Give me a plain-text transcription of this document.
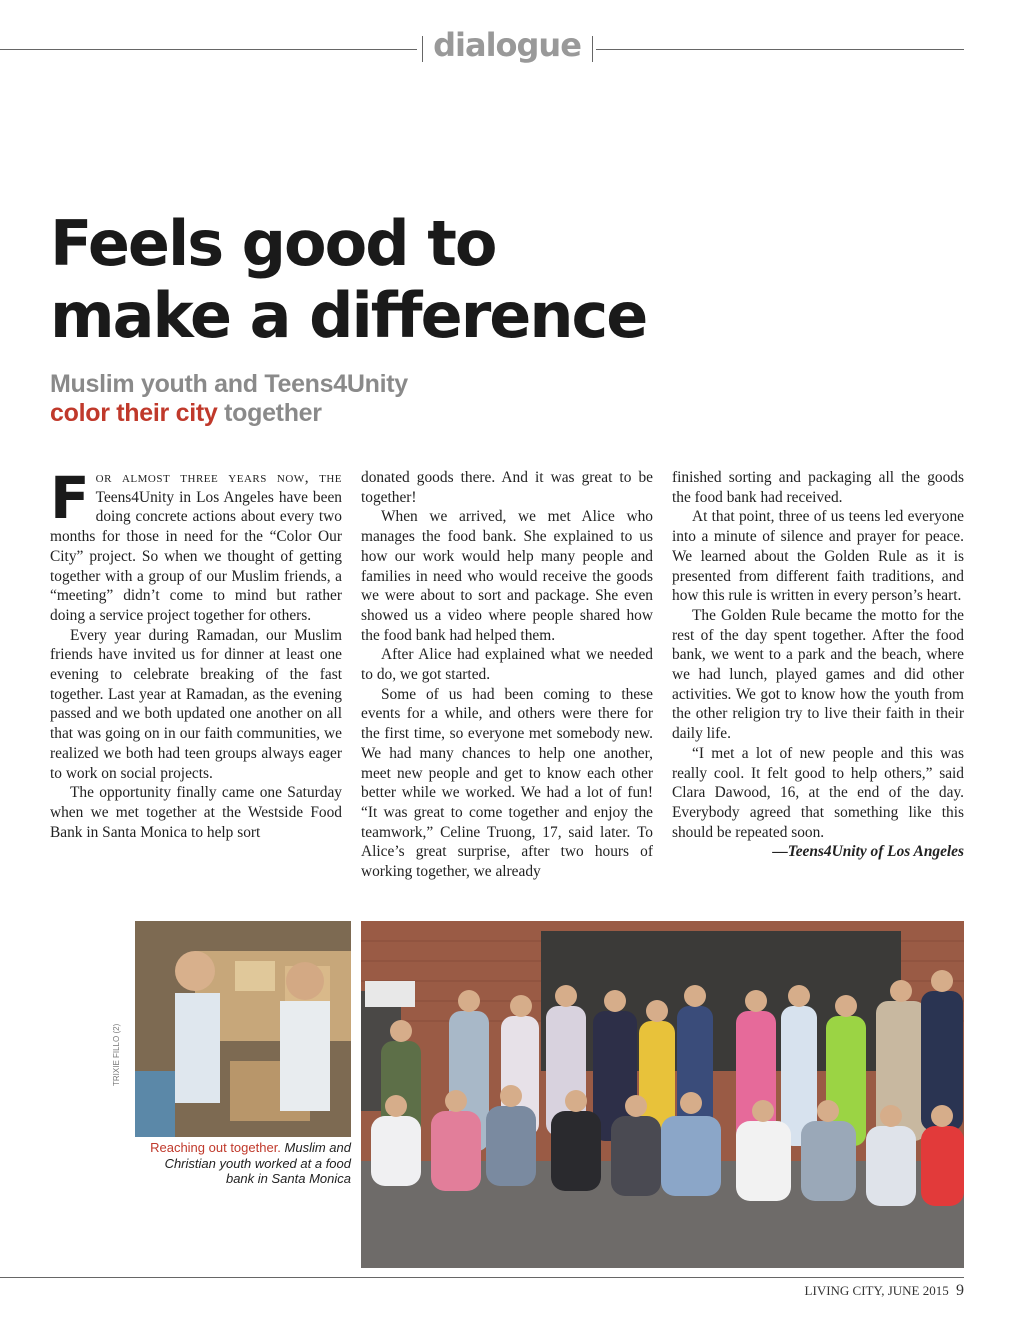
dialogue
Feels good to
make a difference
Muslim youth and Teens4Unity
color their city together

For almost three years now, the Teens4Unity in Los Angeles have been doing concrete actions about every two months for those in need for the “Color Our City” project. So when we thought of getting together with a group of our Muslim friends, a “meeting” didn’t come to mind but rather doing a service project together for others.

Every year during Ramadan, our Muslim friends have invited us for dinner at least one evening to celebrate breaking of the fast together. Last year at Ramadan, as the evening passed and we both updated one another on all that was going on in our faith communities, we realized we both had teen groups always eager to work on social projects.

The opportunity finally came one Saturday when we met together at the Westside Food Bank in Santa Monica to help sort

donated goods there. And it was great to be together!

When we arrived, we met Alice who manages the food bank. She explained to us how our work would help many people and families in need who would receive the goods we were about to sort and package. She even showed us a video where people shared how the food bank had helped them.

After Alice had explained what we needed to do, we got started.

Some of us had been coming to these events for a while, and others were there for the first time, so everyone met somebody new. We had many chances to help one another, meet new people and get to know each other better while we worked. We had a lot of fun! “It was great to come together and enjoy the teamwork,” Celine Truong, 17, said later. To Alice’s great surprise, after two hours of working together, we already

finished sorting and packaging all the goods the food bank had received.

At that point, three of us teens led everyone into a minute of silence and prayer for peace. We learned about the Golden Rule as it is presented from different faith traditions, and how this rule is written in every person’s heart.

The Golden Rule became the motto for the rest of the day spent together. After the food bank, we went to a park and the beach, where we had lunch, played games and did other activities. We got to know how the youth from the other religion try to live their faith in their daily life.

“I met a lot of new people and this was really cool. It felt good to help others,” said Clara Dawood, 16, at the end of the day. Everybody agreed that something like this should be repeated soon.

—Teens4Unity of Los Angeles

TRIXIE FILLO (2)
Reaching out together. Muslim and Christian youth worked at a food bank in Santa Monica
LIVING CITY, JUNE 2015 9
